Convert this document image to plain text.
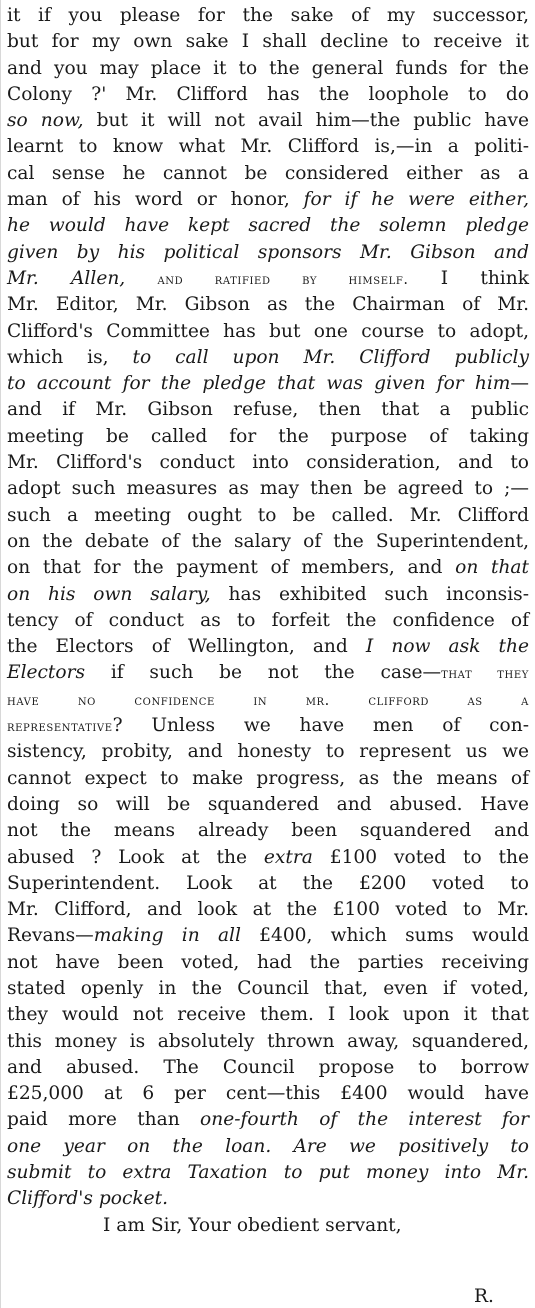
it if you please for the sake of my successor,
but for my own sake I shall decline to receive it
and you may place it to the general funds for the
Colony ?' Mr. Clifford has the loophole to do
so now, but it will not avail him—the public have
learnt to know what Mr. Clifford is,—in a politi-
cal sense he cannot be considered either as a
man of his word or honor, for if he were either,
he would have kept sacred the solemn pledge
given by his political sponsors Mr. Gibson and
Mr. Allen, and ratified by himself. I think
Mr. Editor, Mr. Gibson as the Chairman of Mr.
Clifford's Committee has but one course to adopt,
which is, to call upon Mr. Clifford publicly
to account for the pledge that was given for him—
and if Mr. Gibson refuse, then that a public
meeting be called for the purpose of taking
Mr. Clifford's conduct into consideration, and to
adopt such measures as may then be agreed to ;—
such a meeting ought to be called. Mr. Clifford
on the debate of the salary of the Superintendent,
on that for the payment of members, and on that
on his own salary, has exhibited such inconsis-
tency of conduct as to forfeit the confidence of
the Electors of Wellington, and I now ask the
Electors if such be not the case—that they
have no confidence in mr. clifford as a
representative? Unless we have men of con-
sistency, probity, and honesty to represent us we
cannot expect to make progress, as the means of
doing so will be squandered and abused. Have
not the means already been squandered and
abused ? Look at the extra £100 voted to the
Superintendent. Look at the £200 voted to
Mr. Clifford, and look at the £100 voted to Mr.
Revans—making in all £400, which sums would
not have been voted, had the parties receiving
stated openly in the Council that, even if voted,
they would not receive them. I look upon it that
this money is absolutely thrown away, squandered,
and abused. The Council propose to borrow
£25,000 at 6 per cent—this £400 would have
paid more than one-fourth of the interest for
one year on the loan. Are we positively to
submit to extra Taxation to put money into Mr.
Clifford's pocket.
I am Sir, Your obedient servant,
R.
